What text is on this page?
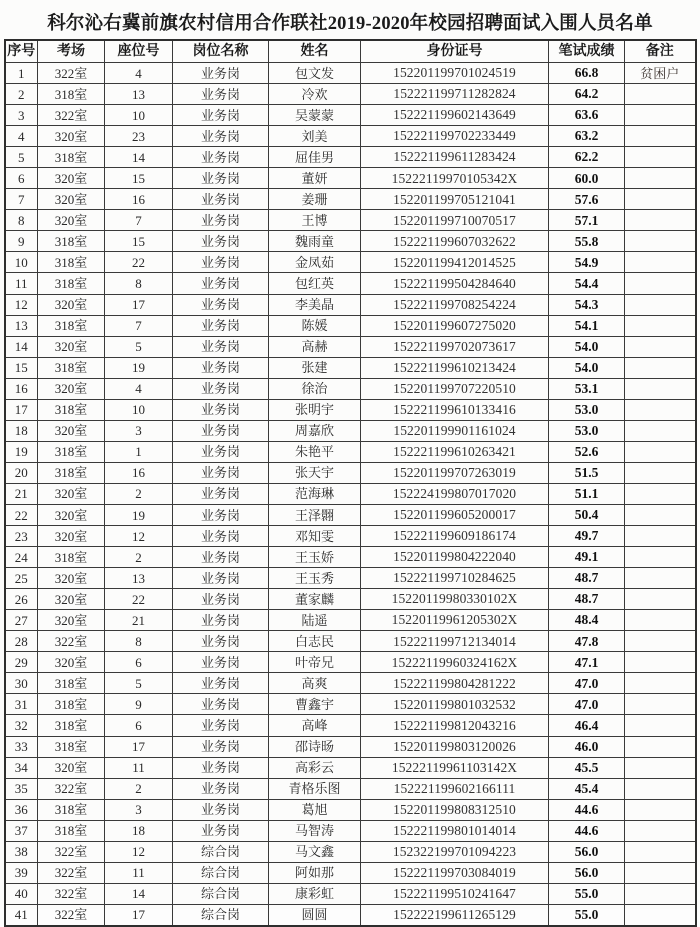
科尔沁右冀前旗农村信用合作联社2019-2020年校园招聘面试入围人员名单
序号	考场	座位号	岗位名称	姓名	身份证号	笔试成绩	备注
1	322室	4	业务岗	包文发	152201199701024519	66.8	贫困户
2	318室	13	业务岗	冷欢	152221199711282824	64.2	
3	322室	10	业务岗	吴蒙蒙	152221199602143649	63.6	
4	320室	23	业务岗	刘美	152221199702233449	63.2	
5	318室	14	业务岗	屈佳男	152221199611283424	62.2	
6	320室	15	业务岗	董妍	15222119970105342X	60.0	
7	320室	16	业务岗	姜珊	152201199705121041	57.6	
8	320室	7	业务岗	王博	152201199710070517	57.1	
9	318室	15	业务岗	魏雨童	152221199607032622	55.8	
10	318室	22	业务岗	金凤茹	152201199412014525	54.9	
11	318室	8	业务岗	包红英	152221199504284640	54.4	
12	320室	17	业务岗	李美晶	152221199708254224	54.3	
13	318室	7	业务岗	陈媛	152201199607275020	54.1	
14	320室	5	业务岗	高赫	152221199702073617	54.0	
15	318室	19	业务岗	张建	152221199610213424	54.0	
16	320室	4	业务岗	徐治	152201199707220510	53.1	
17	318室	10	业务岗	张明宇	152221199610133416	53.0	
18	320室	3	业务岗	周嘉欣	152201199901161024	53.0	
19	318室	1	业务岗	朱艳平	152221199610263421	52.6	
20	318室	16	业务岗	张天宇	152201199707263019	51.5	
21	320室	2	业务岗	范海琳	152224199807017020	51.1	
22	320室	19	业务岗	王泽翾	152201199605200017	50.4	
23	320室	12	业务岗	邓知雯	152221199609186174	49.7	
24	318室	2	业务岗	王玉娇	152201199804222040	49.1	
25	320室	13	业务岗	王玉秀	152221199710284625	48.7	
26	320室	22	业务岗	董家麟	15220119980330102X	48.7	
27	320室	21	业务岗	陆遥	15220119961205302X	48.4	
28	322室	8	业务岗	白志民	152221199712134014	47.8	
29	320室	6	业务岗	叶帝兄	15222119960324162X	47.1	
30	318室	5	业务岗	高爽	152221199804281222	47.0	
31	318室	9	业务岗	曹鑫宇	152201199801032532	47.0	
32	318室	6	业务岗	高峰	152221199812043216	46.4	
33	318室	17	业务岗	邵诗旸	152201199803120026	46.0	
34	320室	11	业务岗	高彩云	15222119961103142X	45.5	
35	322室	2	业务岗	青格乐图	152221199602166111	45.4	
36	318室	3	业务岗	葛旭	152201199808312510	44.6	
37	318室	18	业务岗	马智涛	152221199801014014	44.6	
38	322室	12	综合岗	马文鑫	152322199701094223	56.0	
39	322室	11	综合岗	阿如那	152221199703084019	56.0	
40	322室	14	综合岗	康彩虹	152221199510241647	55.0	
41	322室	17	综合岗	圆圆	152222199611265129	55.0	
